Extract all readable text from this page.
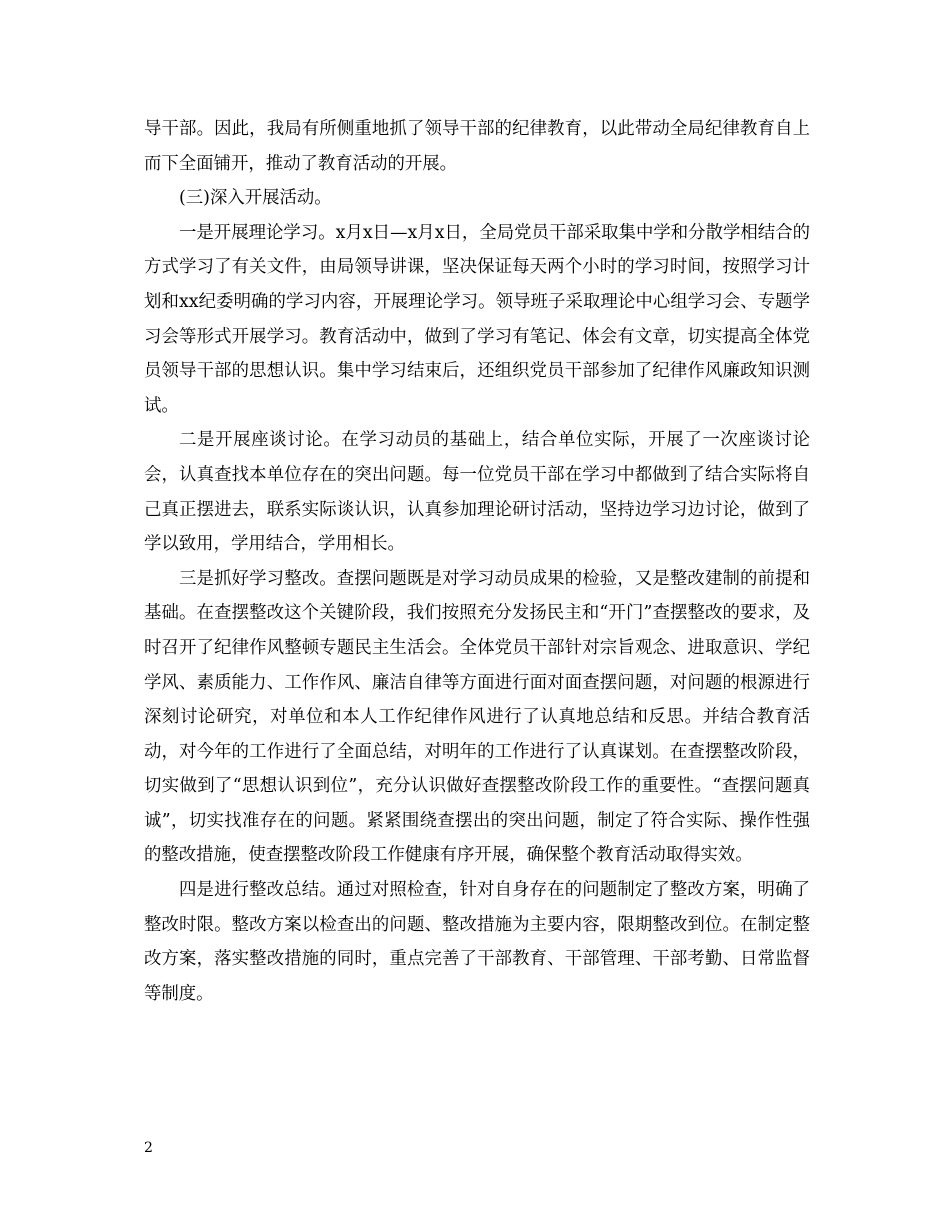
导干部。因此，我局有所侧重地抓了领导干部的纪律教育，以此带动全局纪律教育自上而下全面铺开，推动了教育活动的开展。

(三)深入开展活动。

一是开展理论学习。x月x日—x月x日，全局党员干部采取集中学和分散学相结合的方式学习了有关文件，由局领导讲课，坚决保证每天两个小时的学习时间，按照学习计划和xx纪委明确的学习内容，开展理论学习。领导班子采取理论中心组学习会、专题学习会等形式开展学习。教育活动中，做到了学习有笔记、体会有文章，切实提高全体党员领导干部的思想认识。集中学习结束后，还组织党员干部参加了纪律作风廉政知识测试。

二是开展座谈讨论。在学习动员的基础上，结合单位实际，开展了一次座谈讨论会，认真查找本单位存在的突出问题。每一位党员干部在学习中都做到了结合实际将自己真正摆进去，联系实际谈认识，认真参加理论研讨活动，坚持边学习边讨论，做到了学以致用，学用结合，学用相长。

三是抓好学习整改。查摆问题既是对学习动员成果的检验，又是整改建制的前提和基础。在查摆整改这个关键阶段，我们按照充分发扬民主和“开门”查摆整改的要求，及时召开了纪律作风整顿专题民主生活会。全体党员干部针对宗旨观念、进取意识、学纪学风、素质能力、工作作风、廉洁自律等方面进行面对面查摆问题，对问题的根源进行深刻讨论研究，对单位和本人工作纪律作风进行了认真地总结和反思。并结合教育活动，对今年的工作进行了全面总结，对明年的工作进行了认真谋划。在查摆整改阶段，切实做到了“思想认识到位”，充分认识做好查摆整改阶段工作的重要性。“查摆问题真诚”，切实找准存在的问题。紧紧围绕查摆出的突出问题，制定了符合实际、操作性强的整改措施，使查摆整改阶段工作健康有序开展，确保整个教育活动取得实效。

四是进行整改总结。通过对照检查，针对自身存在的问题制定了整改方案，明确了整改时限。整改方案以检查出的问题、整改措施为主要内容，限期整改到位。在制定整改方案，落实整改措施的同时，重点完善了干部教育、干部管理、干部考勤、日常监督等制度。

2
